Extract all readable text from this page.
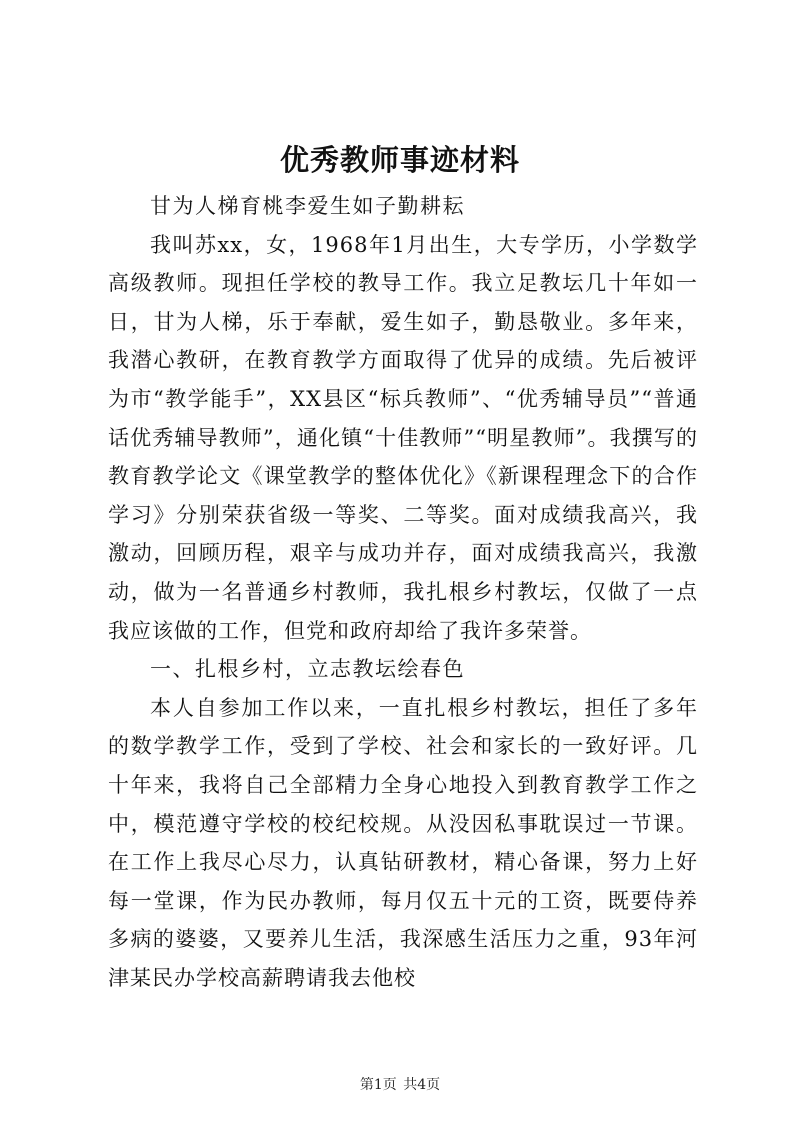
优秀教师事迹材料

甘为人梯育桃李爱生如子勤耕耘

我叫苏xx，女，1968年1月出生，大专学历，小学数学高级教师。现担任学校的教导工作。我立足教坛几十年如一日，甘为人梯，乐于奉献，爱生如子，勤恳敬业。多年来，我潜心教研，在教育教学方面取得了优异的成绩。先后被评为市“教学能手”，XX县区“标兵教师”、“优秀辅导员”“普通话优秀辅导教师”，通化镇“十佳教师”“明星教师”。我撰写的教育教学论文《课堂教学的整体优化》《新课程理念下的合作学习》分别荣获省级一等奖、二等奖。面对成绩我高兴，我激动，回顾历程，艰辛与成功并存，面对成绩我高兴，我激动，做为一名普通乡村教师，我扎根乡村教坛，仅做了一点我应该做的工作，但党和政府却给了我许多荣誉。

一、扎根乡村，立志教坛绘春色

本人自参加工作以来，一直扎根乡村教坛，担任了多年的数学教学工作，受到了学校、社会和家长的一致好评。几十年来，我将自己全部精力全身心地投入到教育教学工作之中，模范遵守学校的校纪校规。从没因私事耽误过一节课。在工作上我尽心尽力，认真钻研教材，精心备课，努力上好每一堂课，作为民办教师，每月仅五十元的工资，既要侍养多病的婆婆，又要养儿生活，我深感生活压力之重，93年河津某民办学校高薪聘请我去他校

第1页 共4页
